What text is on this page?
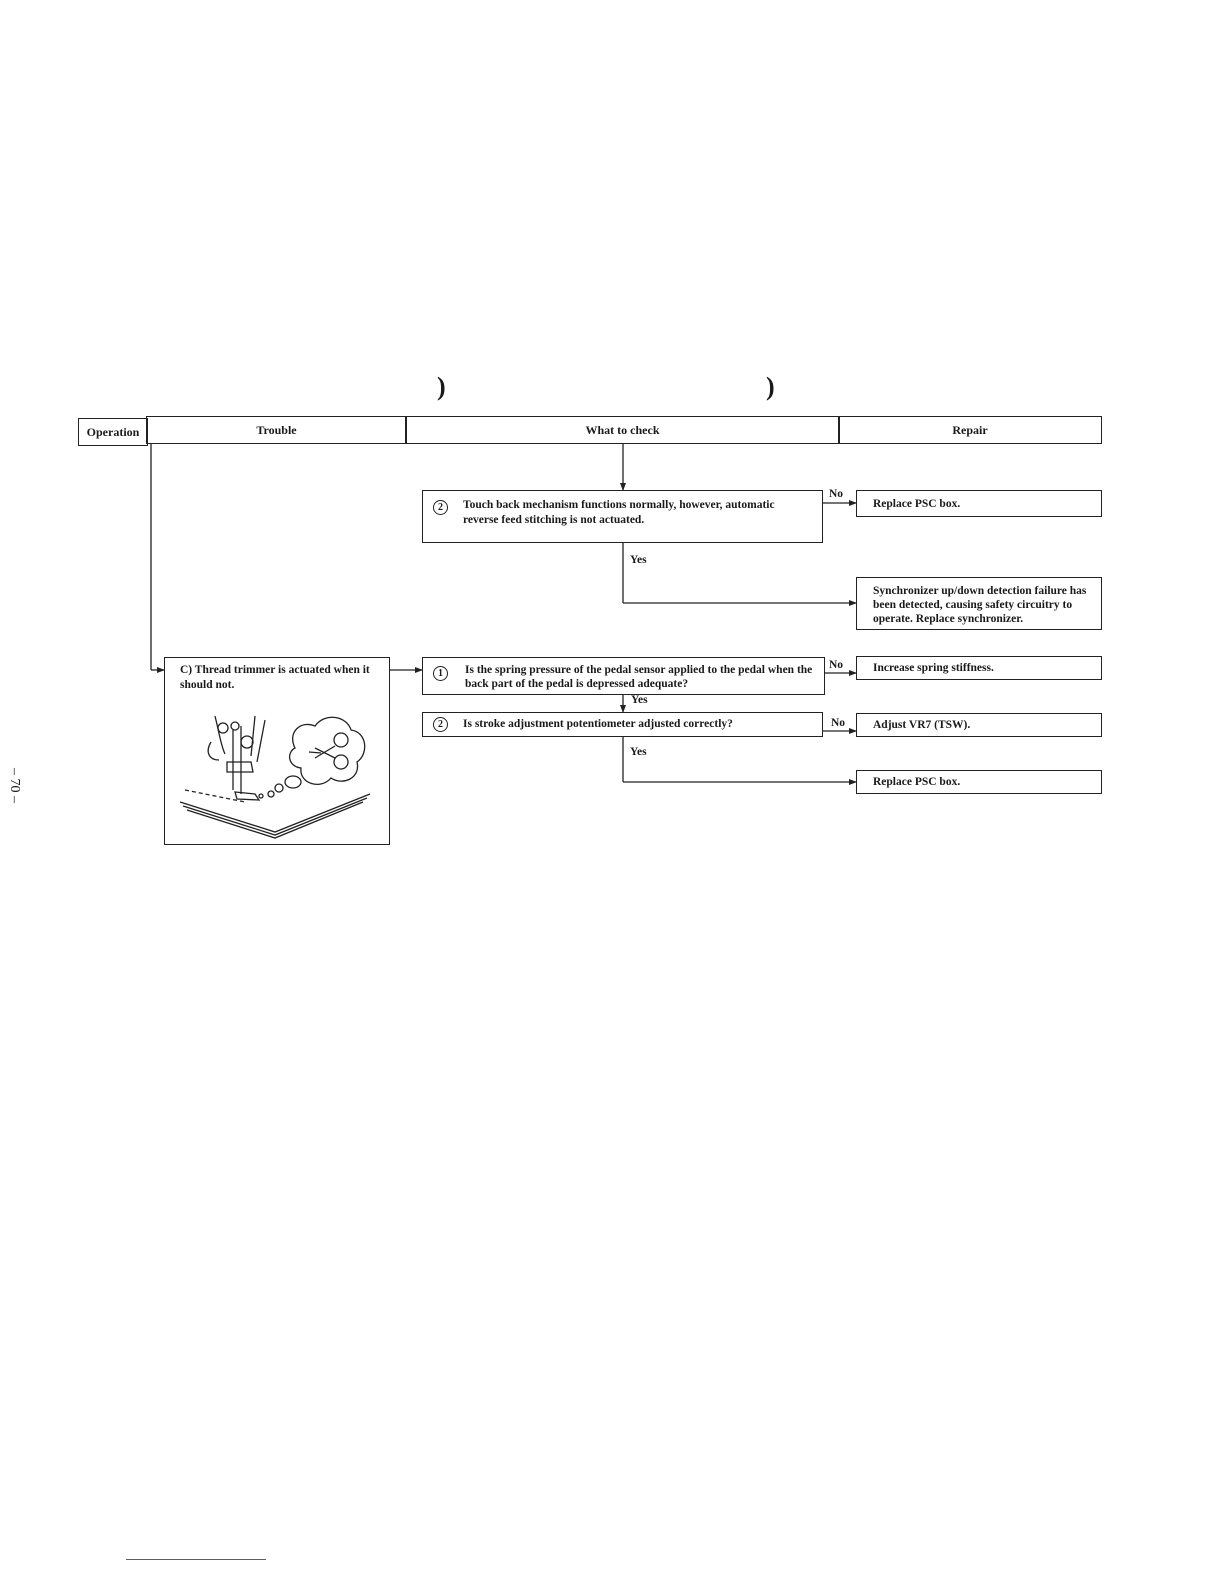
)	)
Operation	Trouble	What to check	Repair
2	Touch back mechanism functions normally, however, automatic reverse feed stitching is not actuated.
No
Yes
Replace PSC box.
Synchronizer up/down detection failure has been detected, causing safety circuitry to operate. Replace synchronizer.
C) Thread trimmer is actuated when it should not.
1	Is the spring pressure of the pedal sensor applied to the pedal when the back part of the pedal is depressed adequate?
No
Yes
Increase spring stiffness.
2	Is stroke adjustment potentiometer adjusted correctly?	No
Yes
Adjust VR7 (TSW).
Replace PSC box.
– 70 –
